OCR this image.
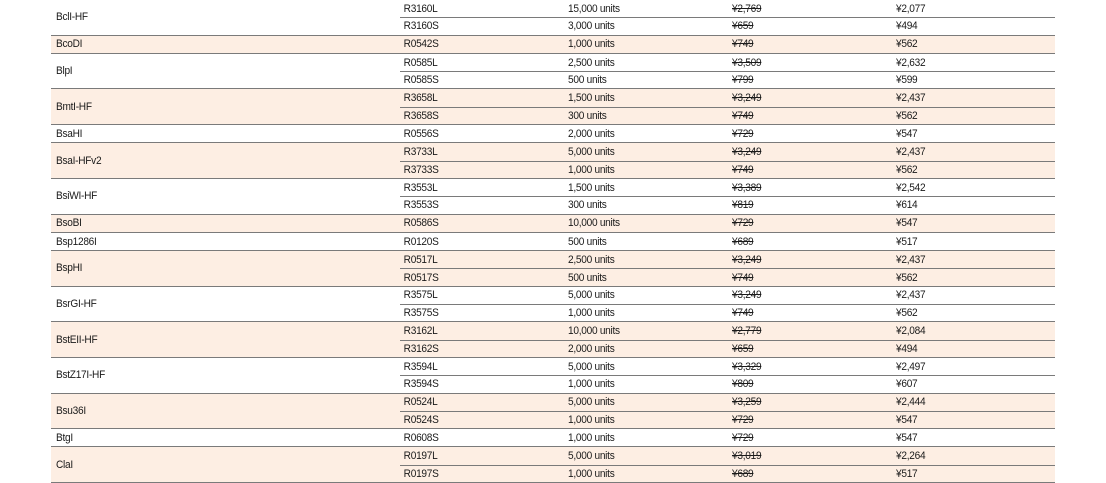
BclI-HF
R3160L	15,000 units	¥2,769	¥2,077
R3160S	3,000 units	¥659	¥494
BcoDI	R0542S	1,000 units	¥749	¥562
BlpI
R0585L	2,500 units	¥3,509	¥2,632
R0585S	500 units	¥799	¥599
BmtI-HF
R3658L	1,500 units	¥3,249	¥2,437
R3658S	300 units	¥749	¥562
BsaHI	R0556S	2,000 units	¥729	¥547
BsaI-HFv2
R3733L	5,000 units	¥3,249	¥2,437
R3733S	1,000 units	¥749	¥562
BsiWI-HF
R3553L	1,500 units	¥3,389	¥2,542
R3553S	300 units	¥819	¥614
BsoBI	R0586S	10,000 units	¥729	¥547
Bsp1286I	R0120S	500 units	¥689	¥517
BspHI
R0517L	2,500 units	¥3,249	¥2,437
R0517S	500 units	¥749	¥562
BsrGI-HF
R3575L	5,000 units	¥3,249	¥2,437
R3575S	1,000 units	¥749	¥562
BstEII-HF
R3162L	10,000 units	¥2,779	¥2,084
R3162S	2,000 units	¥659	¥494
BstZ17I-HF
R3594L	5,000 units	¥3,329	¥2,497
R3594S	1,000 units	¥809	¥607
Bsu36I
R0524L	5,000 units	¥3,259	¥2,444
R0524S	1,000 units	¥729	¥547
BtgI	R0608S	1,000 units	¥729	¥547
ClaI
R0197L	5,000 units	¥3,019	¥2,264
R0197S	1,000 units	¥689	¥517
